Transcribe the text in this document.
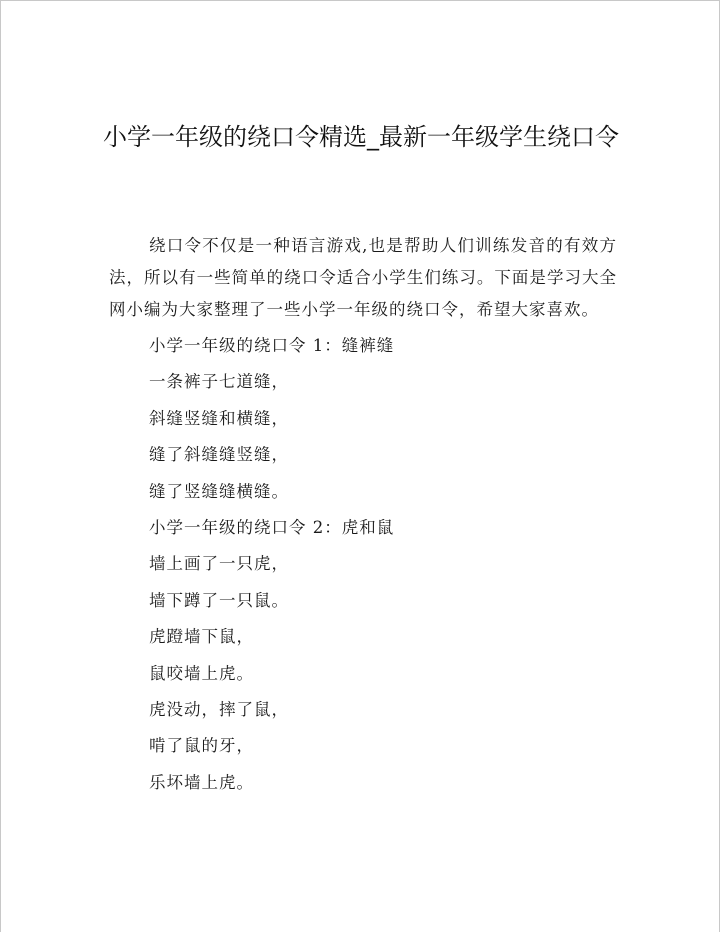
小学一年级的绕口令精选_最新一年级学生绕口令

绕口令不仅是一种语言游戏,也是帮助人们训练发音的有效方法，所以有一些简单的绕口令适合小学生们练习。下面是学习大全网小编为大家整理了一些小学一年级的绕口令，希望大家喜欢。

小学一年级的绕口令 1：缝裤缝

一条裤子七道缝，

斜缝竖缝和横缝，

缝了斜缝缝竖缝，

缝了竖缝缝横缝。

小学一年级的绕口令 2：虎和鼠

墙上画了一只虎，

墙下蹲了一只鼠。

虎蹬墙下鼠，

鼠咬墙上虎。

虎没动，摔了鼠，

啃了鼠的牙，

乐坏墙上虎。
